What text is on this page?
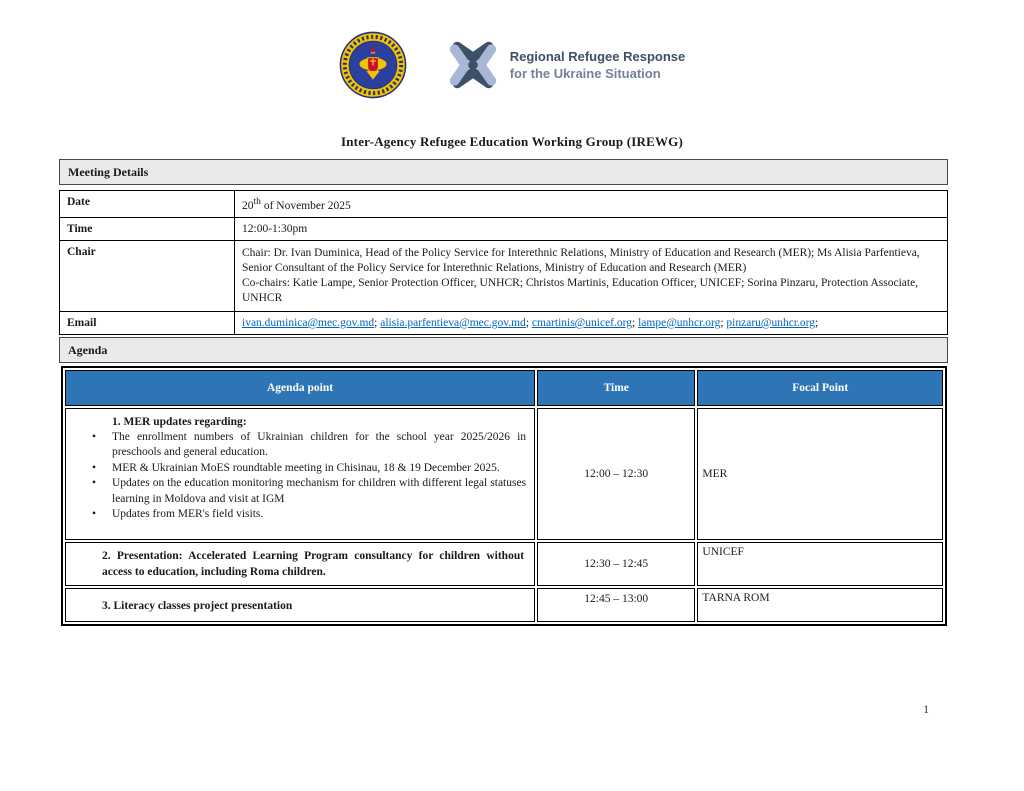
Regional Refugee Response
for the Ukraine Situation
Inter-Agency Refugee Education Working Group (IREWG)
Meeting Details
Date	20th of November 2025
Time	12:00-1:30pm
Chair	Chair: Dr. Ivan Duminica, Head of the Policy Service for Interethnic Relations, Ministry of Education and Research (MER); Ms Alisia Parfentieva, Senior Consultant of the Policy Service for Interethnic Relations, Ministry of Education and Research (MER)

Co-chairs: Katie Lampe, Senior Protection Officer, UNHCR; Christos Martinis, Education Officer, UNICEF; Sorina Pinzaru, Protection Associate, UNHCR

Email	ivan.duminica@mec.gov.md; alisia.parfentieva@mec.gov.md; cmartinis@unicef.org; lampe@unhcr.org; pinzaru@unhcr.org;
Agenda
Agenda point	Time	Focal Point

1. MER updates regarding:
• The enrollment numbers of Ukrainian children for the school year 2025/2026 in preschools and general education.
• MER & Ukrainian MoES roundtable meeting in Chisinau, 18 & 19 December 2025.
• Updates on the education monitoring mechanism for children with different legal statuses learning in Moldova and visit at IGM
• Updates from MER's field visits.
	12:00 – 12:30	MER

2. Presentation: Accelerated Learning Program consultancy for children without access to education, including Roma children.	12:30 – 12:45	UNICEF

3. Literacy classes project presentation	12:45 – 13:00	TARNA ROM
1
